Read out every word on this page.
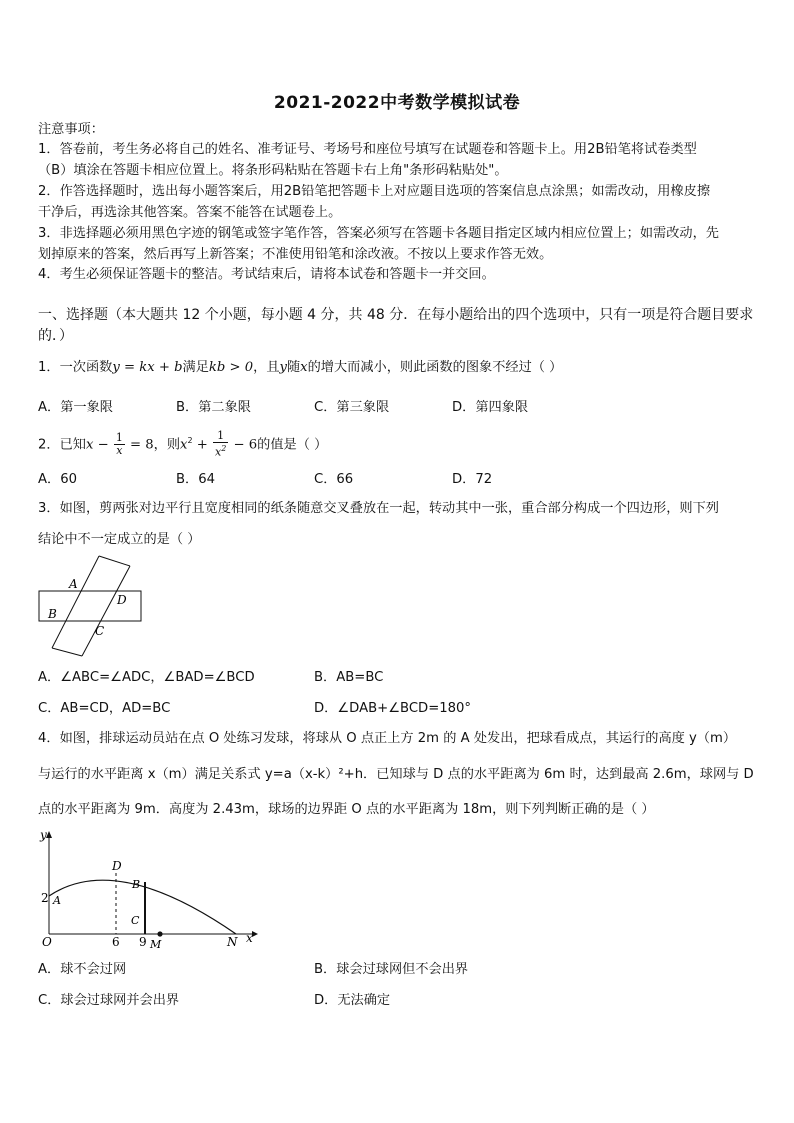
2021-2022中考数学模拟试卷
注意事项：
1．答卷前，考生务必将自己的姓名、准考证号、考场号和座位号填写在试题卷和答题卡上。用2B铅笔将试卷类型
（B）填涂在答题卡相应位置上。将条形码粘贴在答题卡右上角"条形码粘贴处"。
2．作答选择题时，选出每小题答案后，用2B铅笔把答题卡上对应题目选项的答案信息点涂黑；如需改动，用橡皮擦
干净后，再选涂其他答案。答案不能答在试题卷上。
3．非选择题必须用黑色字迹的钢笔或签字笔作答，答案必须写在答题卡各题目指定区域内相应位置上；如需改动，先
划掉原来的答案，然后再写上新答案；不准使用铅笔和涂改液。不按以上要求作答无效。
4．考生必须保证答题卡的整洁。考试结束后，请将本试卷和答题卡一并交回。
一、选择题（本大题共 12 个小题，每小题 4 分，共 48 分．在每小题给出的四个选项中，只有一项是符合题目要求
的．）
1．一次函数y = kx + b满足kb > 0，且y随x的增大而减小，则此函数的图象不经过（ ）
A．第一象限	B．第二象限	C．第三象限	D．第四象限
2．已知$x - \frac{1}{x} = 8$，则$x^2 + \frac{1}{x^2} - 6$的值是（ ）
A．60	B．64	C．66	D．72
3．如图，剪两张对边平行且宽度相同的纸条随意交叉叠放在一起，转动其中一张，重合部分构成一个四边形，则下列
结论中不一定成立的是（ ）
A
B
D
C
A．∠ABC=∠ADC，∠BAD=∠BCD	B．AB=BC
C．AB=CD，AD=BC	D．∠DAB+∠BCD=180°
4．如图，排球运动员站在点 O 处练习发球，将球从 O 点正上方 2m 的 A 处发出，把球看成点，其运行的高度 y（m）
与运行的水平距离 x（m）满足关系式 y=a（x-k）²+h．已知球与 D 点的水平距离为 6m 时，达到最高 2.6m，球网与 D
点的水平距离为 9m．高度为 2.43m，球场的边界距 O 点的水平距离为 18m，则下列判断正确的是（ ）
y
x
O
2 A
D
B
C
6 9 M	N
A．球不会过网	B．球会过球网但不会出界
C．球会过球网并会出界	D．无法确定
